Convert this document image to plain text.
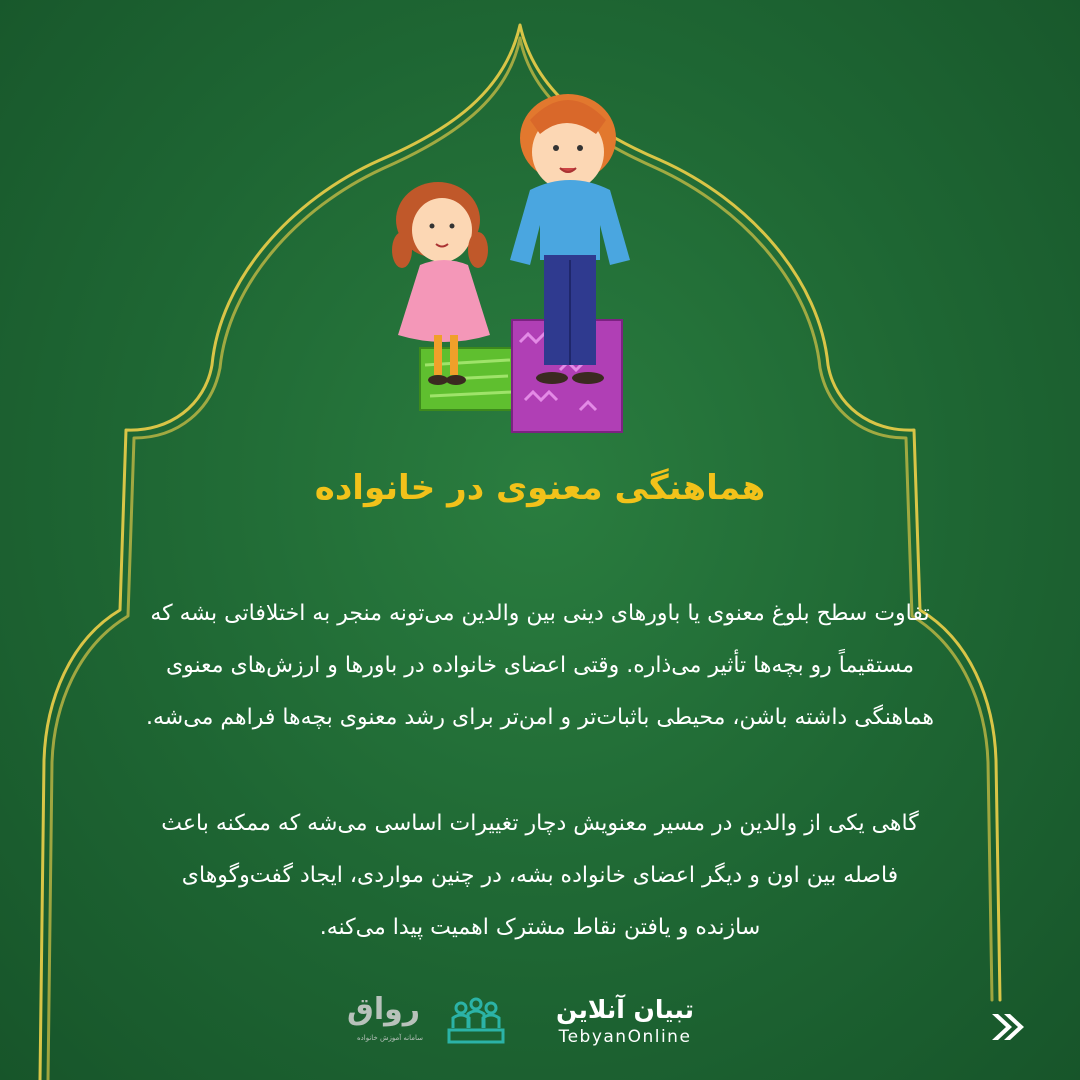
هماهنگی معنوی در خانواده

تفاوت سطح بلوغ معنوی یا باورهای دینی بین والدین می‌تونه منجر به اختلافاتی بشه که مستقیماً رو بچه‌ها تأثیر می‌ذاره. وقتی اعضای خانواده در باورها و ارزش‌های معنوی هماهنگی داشته باشن، محیطی باثبات‌تر و امن‌تر برای رشد معنوی بچه‌ها فراهم می‌شه.

گاهی یکی از والدین در مسیر معنویش دچار تغییرات اساسی می‌شه که ممکنه باعث فاصله بین اون و دیگر اعضای خانواده بشه، در چنین مواردی، ایجاد گفت‌وگوهای سازنده و یافتن نقاط مشترک اهمیت پیدا می‌کنه.

رواق
سامانه آموزش خانواده
تبیان آنلاین
TebyanOnline
